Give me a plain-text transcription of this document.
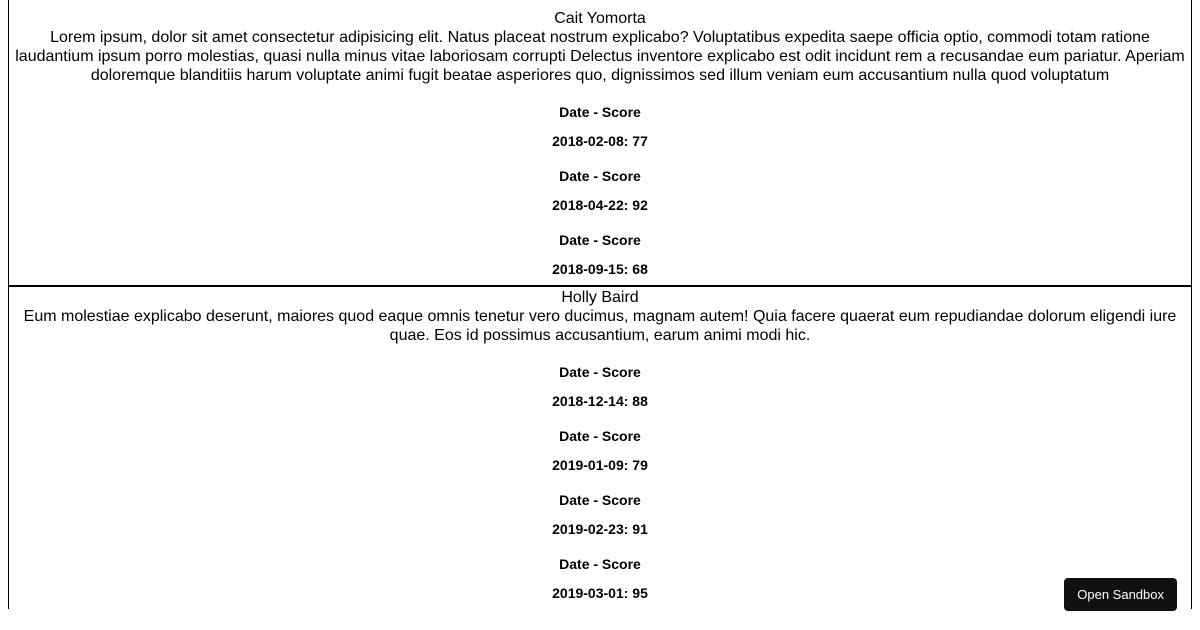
Cait Yomorta

Lorem ipsum, dolor sit amet consectetur adipisicing elit. Natus placeat nostrum explicabo? Voluptatibus expedita saepe officia optio, commodi totam ratione laudantium ipsum porro molestias, quasi nulla minus vitae laboriosam corrupti Delectus inventore explicabo est odit incidunt rem a recusandae eum pariatur. Aperiam doloremque blanditiis harum voluptate animi fugit beatae asperiores quo, dignissimos sed illum veniam eum accusantium nulla quod voluptatum

Date - Score
2018-02-08: 77
Date - Score
2018-04-22: 92
Date - Score
2018-09-15: 68
Holly Baird

Eum molestiae explicabo deserunt, maiores quod eaque omnis tenetur vero ducimus, magnam autem! Quia facere quaerat eum repudiandae dolorum eligendi iure quae. Eos id possimus accusantium, earum animi modi hic.

Date - Score
2018-12-14: 88
Date - Score
2019-01-09: 79
Date - Score
2019-02-23: 91
Date - Score
2019-03-01: 95	Open Sandbox
